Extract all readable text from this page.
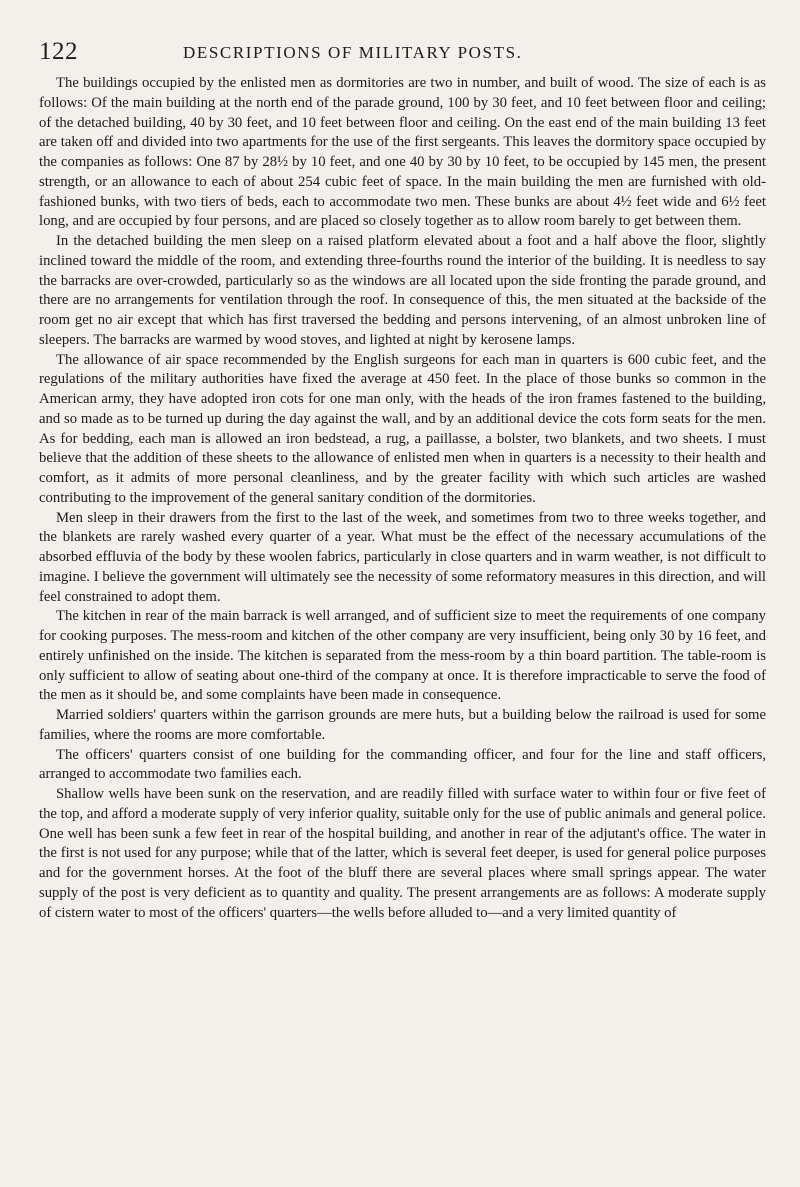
122	DESCRIPTIONS OF MILITARY POSTS.

The buildings occupied by the enlisted men as dormitories are two in number, and built of wood. The size of each is as follows: Of the main building at the north end of the parade ground, 100 by 30 feet, and 10 feet between floor and ceiling; of the detached building, 40 by 30 feet, and 10 feet between floor and ceiling. On the east end of the main building 13 feet are taken off and divided into two apartments for the use of the first sergeants. This leaves the dormitory space occupied by the companies as follows: One 87 by 28½ by 10 feet, and one 40 by 30 by 10 feet, to be occupied by 145 men, the present strength, or an allowance to each of about 254 cubic feet of space. In the main building the men are furnished with old-fashioned bunks, with two tiers of beds, each to accommodate two men. These bunks are about 4½ feet wide and 6½ feet long, and are occupied by four persons, and are placed so closely together as to allow room barely to get between them.

In the detached building the men sleep on a raised platform elevated about a foot and a half above the floor, slightly inclined toward the middle of the room, and extending three-fourths round the interior of the building. It is needless to say the barracks are over-crowded, particularly so as the windows are all located upon the side fronting the parade ground, and there are no arrangements for ventilation through the roof. In consequence of this, the men situated at the backside of the room get no air except that which has first traversed the bedding and persons intervening, of an almost unbroken line of sleepers. The barracks are warmed by wood stoves, and lighted at night by kerosene lamps.

The allowance of air space recommended by the English surgeons for each man in quarters is 600 cubic feet, and the regulations of the military authorities have fixed the average at 450 feet. In the place of those bunks so common in the American army, they have adopted iron cots for one man only, with the heads of the iron frames fastened to the building, and so made as to be turned up during the day against the wall, and by an additional device the cots form seats for the men. As for bedding, each man is allowed an iron bedstead, a rug, a paillasse, a bolster, two blankets, and two sheets. I must believe that the addition of these sheets to the allowance of enlisted men when in quarters is a necessity to their health and comfort, as it admits of more personal cleanliness, and by the greater facility with which such articles are washed contributing to the improvement of the general sanitary condition of the dormitories.

Men sleep in their drawers from the first to the last of the week, and sometimes from two to three weeks together, and the blankets are rarely washed every quarter of a year. What must be the effect of the necessary accumulations of the absorbed effluvia of the body by these woolen fabrics, particularly in close quarters and in warm weather, is not difficult to imagine. I believe the government will ultimately see the necessity of some reformatory measures in this direction, and will feel constrained to adopt them.

The kitchen in rear of the main barrack is well arranged, and of sufficient size to meet the requirements of one company for cooking purposes. The mess-room and kitchen of the other company are very insufficient, being only 30 by 16 feet, and entirely unfinished on the inside. The kitchen is separated from the mess-room by a thin board partition. The table-room is only sufficient to allow of seating about one-third of the company at once. It is therefore impracticable to serve the food of the men as it should be, and some complaints have been made in consequence.

Married soldiers' quarters within the garrison grounds are mere huts, but a building below the railroad is used for some families, where the rooms are more comfortable.

The officers' quarters consist of one building for the commanding officer, and four for the line and staff officers, arranged to accommodate two families each.

Shallow wells have been sunk on the reservation, and are readily filled with surface water to within four or five feet of the top, and afford a moderate supply of very inferior quality, suitable only for the use of public animals and general police. One well has been sunk a few feet in rear of the hospital building, and another in rear of the adjutant's office. The water in the first is not used for any purpose; while that of the latter, which is several feet deeper, is used for general police purposes and for the government horses. At the foot of the bluff there are several places where small springs appear. The water supply of the post is very deficient as to quantity and quality. The present arrangements are as follows: A moderate supply of cistern water to most of the officers' quarters—the wells before alluded to—and a very limited quantity of
